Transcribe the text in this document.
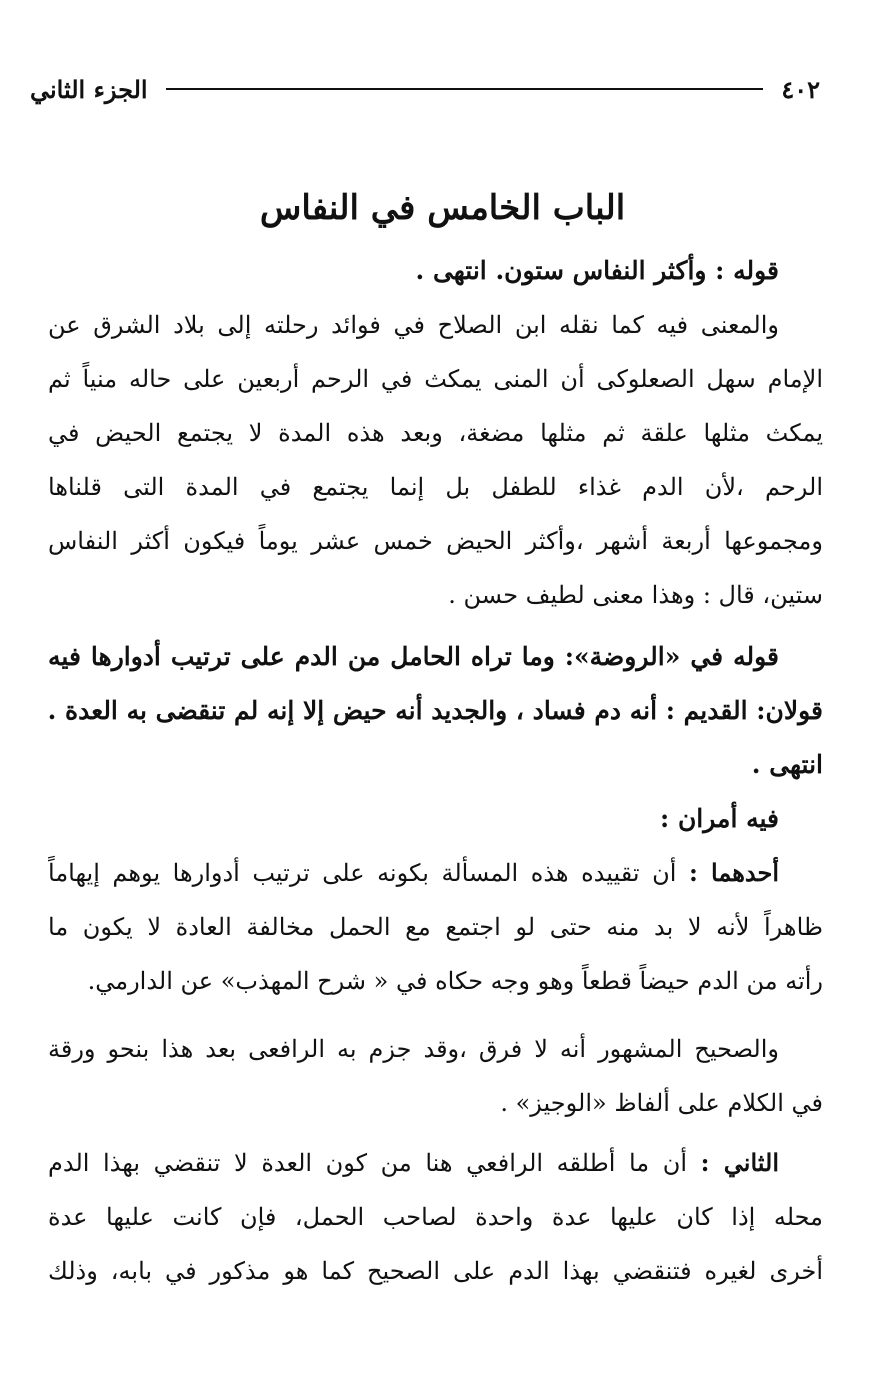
٤٠٢
الجزء الثاني
الباب الخامس في النفاس
قوله : وأكثر النفاس ستون. انتهى .
والمعنى فيه كما نقله ابن الصلاح في فوائد رحلته إلى بلاد الشرق عن
الإمام سهل الصعلوكى أن المنى يمكث في الرحم أربعين على حاله منياً ثم
يمكث مثلها علقة ثم مثلها مضغة، وبعد هذه المدة لا يجتمع الحيض في
الرحم ،لأن الدم غذاء للطفل بل إنما يجتمع في المدة التى قلناها
ومجموعها أربعة أشهر ،وأكثر الحيض خمس عشر يوماً فيكون أكثر النفاس
ستين، قال : وهذا معنى لطيف حسن .
قوله في «الروضة»: وما تراه الحامل من الدم على ترتيب أدوارها فيه
قولان: القديم : أنه دم فساد ، والجديد أنه حيض إلا إنه لم تنقضى به العدة .
انتهى .
فيه أمران :
أحدهما : أن تقييده هذه المسألة بكونه على ترتيب أدوارها يوهم إيهاماً
ظاهراً لأنه لا بد منه حتى لو اجتمع مع الحمل مخالفة العادة لا يكون ما
رأته من الدم حيضاً قطعاً وهو وجه حكاه في « شرح المهذب» عن الدارمي.
والصحيح المشهور أنه لا فرق ،وقد جزم به الرافعى بعد هذا بنحو ورقة
في الكلام على ألفاظ «الوجيز» .
الثاني : أن ما أطلقه الرافعي هنا من كون العدة لا تنقضي بهذا الدم
محله إذا كان عليها عدة واحدة لصاحب الحمل، فإن كانت عليها عدة
أخرى لغيره فتنقضي بهذا الدم على الصحيح كما هو مذكور في بابه، وذلك
